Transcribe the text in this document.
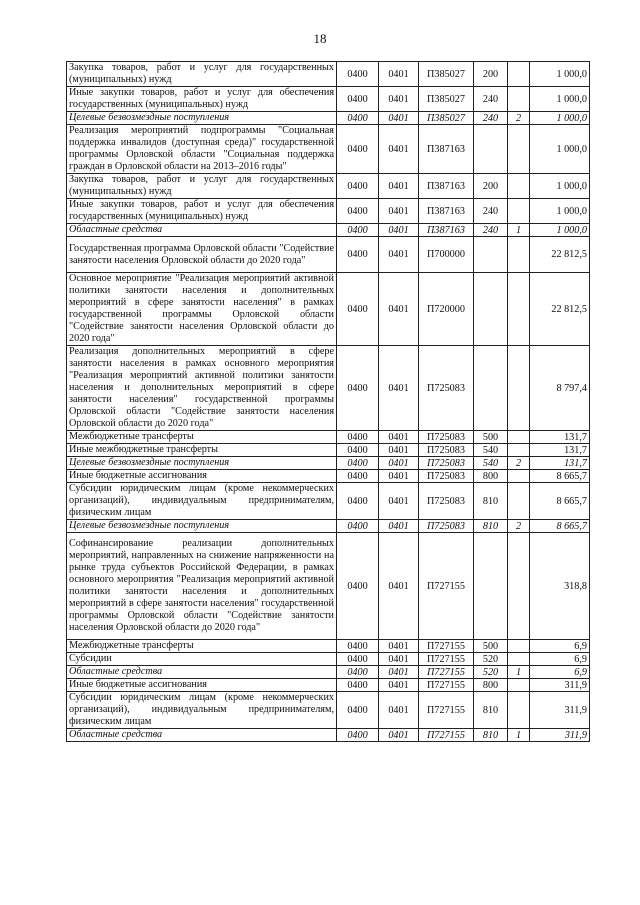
18
Закупка товаров, работ и услуг для государственных (муниципальных) нужд	0400	0401	П385027	200		1 000,0
Иные закупки товаров, работ и услуг для обеспечения государственных (муниципальных) нужд	0400	0401	П385027	240		1 000,0
Целевые безвозмездные поступления	0400	0401	П385027	240	2	1 000,0
Реализация мероприятий подпрограммы "Социальная поддержка инвалидов (доступная среда)" государственной программы Орловской области "Социальная поддержка граждан в Орловской области на 2013–2016 годы"	0400	0401	П387163			1 000,0
Закупка товаров, работ и услуг для государственных (муниципальных) нужд	0400	0401	П387163	200		1 000,0
Иные закупки товаров, работ и услуг для обеспечения государственных (муниципальных) нужд	0400	0401	П387163	240		1 000,0
Областные средства	0400	0401	П387163	240	1	1 000,0
Государственная программа Орловской области "Содействие занятости населения Орловской области до 2020 года"	0400	0401	П700000			22 812,5
Основное мероприятие "Реализация мероприятий активной политики занятости населения и дополнительных мероприятий в сфере занятости населения" в рамках государственной программы Орловской области "Содействие занятости населения Орловской области до 2020 года"	0400	0401	П720000			22 812,5
Реализация дополнительных мероприятий в сфере занятости населения в рамках основного мероприятия "Реализация мероприятий активной политики занятости населения и дополнительных мероприятий в сфере занятости населения" государственной программы Орловской области "Содействие занятости населения Орловской области до 2020 года"	0400	0401	П725083			8 797,4
Межбюджетные трансферты	0400	0401	П725083	500		131,7
Иные межбюджетные трансферты	0400	0401	П725083	540		131,7
Целевые безвозмездные поступления	0400	0401	П725083	540	2	131,7
Иные бюджетные ассигнования	0400	0401	П725083	800		8 665,7
Субсидии юридическим лицам (кроме некоммерческих организаций), индивидуальным предпринимателям, физическим лицам	0400	0401	П725083	810		8 665,7
Целевые безвозмездные поступления	0400	0401	П725083	810	2	8 665,7
Софинансирование реализации дополнительных мероприятий, направленных на снижение напряженности на рынке труда субъектов Российской Федерации, в рамках основного мероприятия "Реализация мероприятий активной политики занятости населения и дополнительных мероприятий в сфере занятости населения" государственной программы Орловской области "Содействие занятости населения Орловской области до 2020 года"	0400	0401	П727155			318,8
Межбюджетные трансферты	0400	0401	П727155	500		6,9
Субсидии	0400	0401	П727155	520		6,9
Областные средства	0400	0401	П727155	520	1	6,9
Иные бюджетные ассигнования	0400	0401	П727155	800		311,9
Субсидии юридическим лицам (кроме некоммерческих организаций), индивидуальным предпринимателям, физическим лицам	0400	0401	П727155	810		311,9
Областные средства	0400	0401	П727155	810	1	311,9
